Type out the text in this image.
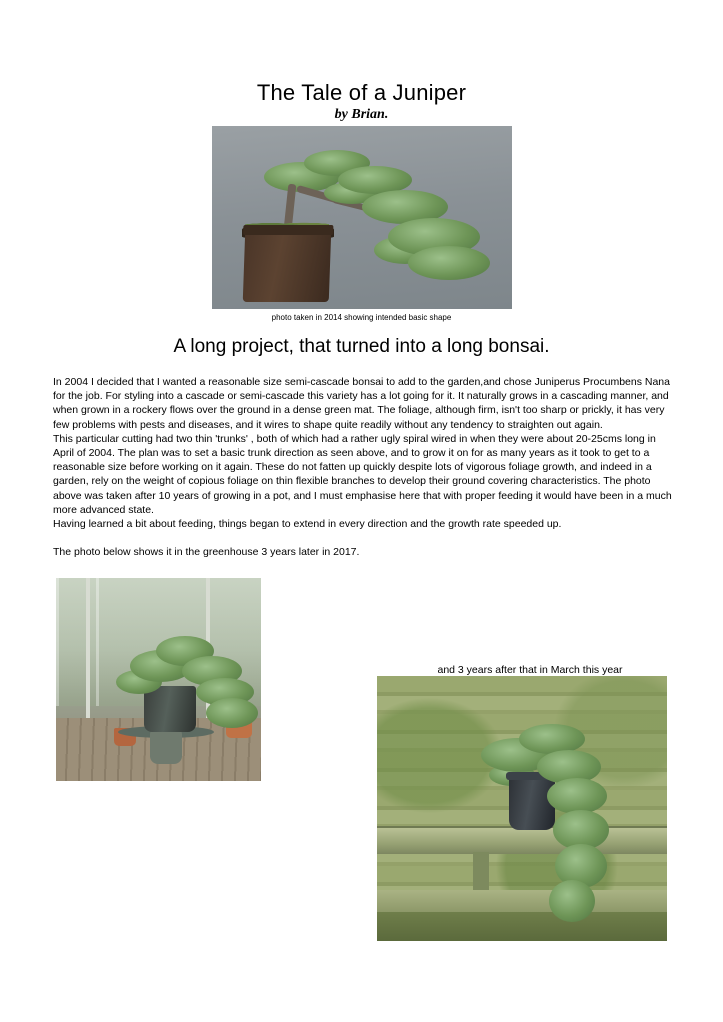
The Tale of a Juniper
by Brian.
photo taken in 2014 showing intended basic shape
A long project, that turned into a long bonsai.

In 2004 I decided that I wanted a reasonable size semi-cascade bonsai to add to the garden,and chose Juniperus Procumbens Nana for the job. For styling into a cascade or semi-cascade this variety has a lot going for it. It naturally grows in a cascading manner, and when grown in a rockery flows over the ground in a dense green mat. The foliage, although firm, isn't too sharp or prickly, it has very few problems with pests and diseases, and it wires to shape quite readily without any tendency to straighten out again.

This particular cutting had two thin 'trunks' , both of which had a rather ugly spiral wired in when they were about 20-25cms long in April of 2004. The plan was to set a basic trunk direction as seen above, and to grow it on for as many years as it took to get to a reasonable size before working on it again. These do not fatten up quickly despite lots of vigorous foliage growth, and indeed in a garden, rely on the weight of copious foliage on thin flexible branches to develop their ground covering characteristics. The photo above was taken after 10 years of growing in a pot, and I must emphasise here that with proper feeding it would have been in a much more advanced state.

Having learned a bit about feeding, things began to extend in every direction and the growth rate speeded up.

The photo below shows it in the greenhouse 3 years later in 2017.

and 3 years after that in March this year
